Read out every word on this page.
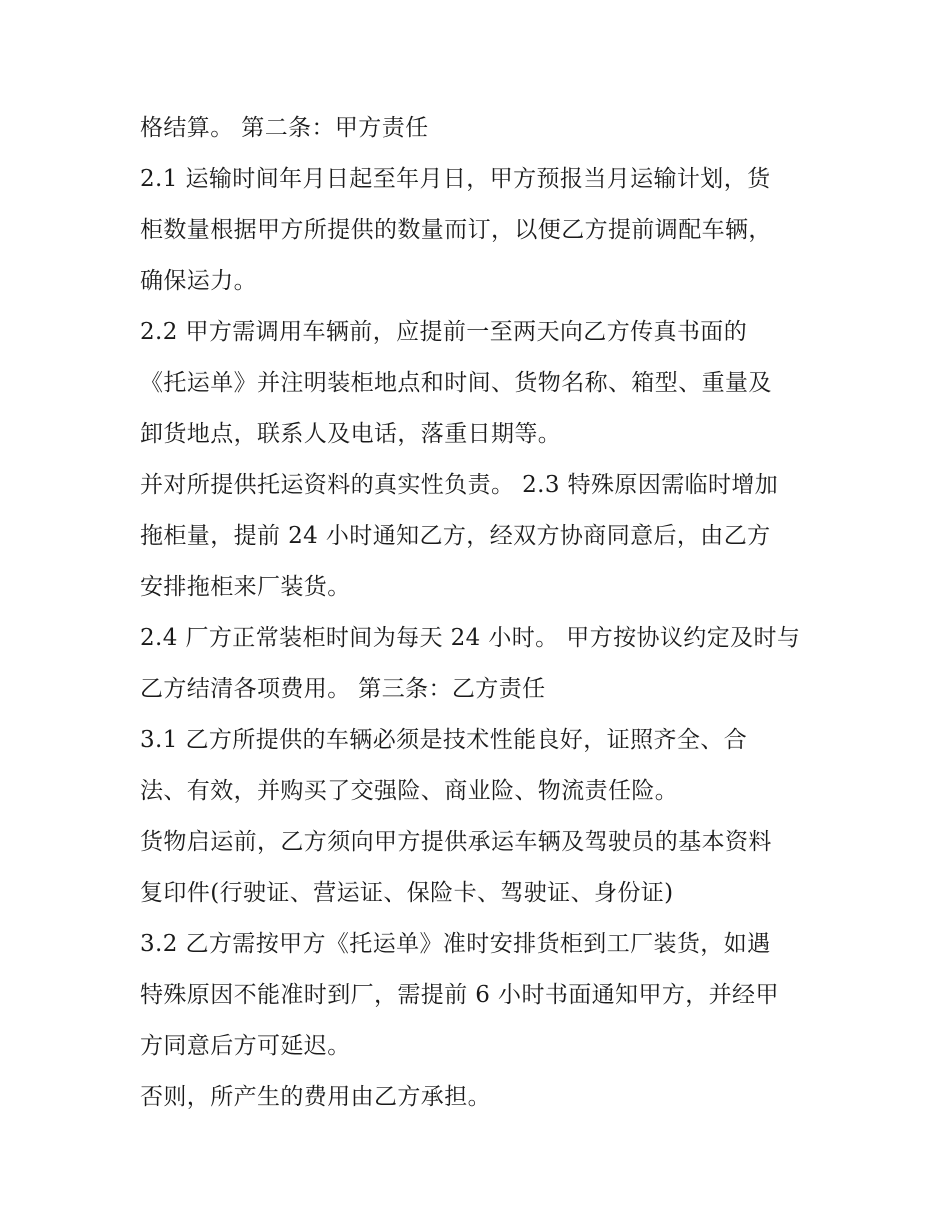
格结算。 第二条：甲方责任
2.1 运输时间年月日起至年月日，甲方预报当月运输计划，货
柜数量根据甲方所提供的数量而订，以便乙方提前调配车辆，
确保运力。
2.2 甲方需调用车辆前，应提前一至两天向乙方传真书面的
《托运单》并注明装柜地点和时间、货物名称、箱型、重量及
卸货地点，联系人及电话，落重日期等。
并对所提供托运资料的真实性负责。 2.3 特殊原因需临时增加
拖柜量，提前 24 小时通知乙方，经双方协商同意后，由乙方
安排拖柜来厂装货。
2.4 厂方正常装柜时间为每天 24 小时。 甲方按协议约定及时与
乙方结清各项费用。 第三条：乙方责任
3.1 乙方所提供的车辆必须是技术性能良好，证照齐全、合
法、有效，并购买了交强险、商业险、物流责任险。
货物启运前，乙方须向甲方提供承运车辆及驾驶员的基本资料
复印件(行驶证、营运证、保险卡、驾驶证、身份证)
3.2 乙方需按甲方《托运单》准时安排货柜到工厂装货，如遇
特殊原因不能准时到厂，需提前 6 小时书面通知甲方，并经甲
方同意后方可延迟。
否则，所产生的费用由乙方承担。
